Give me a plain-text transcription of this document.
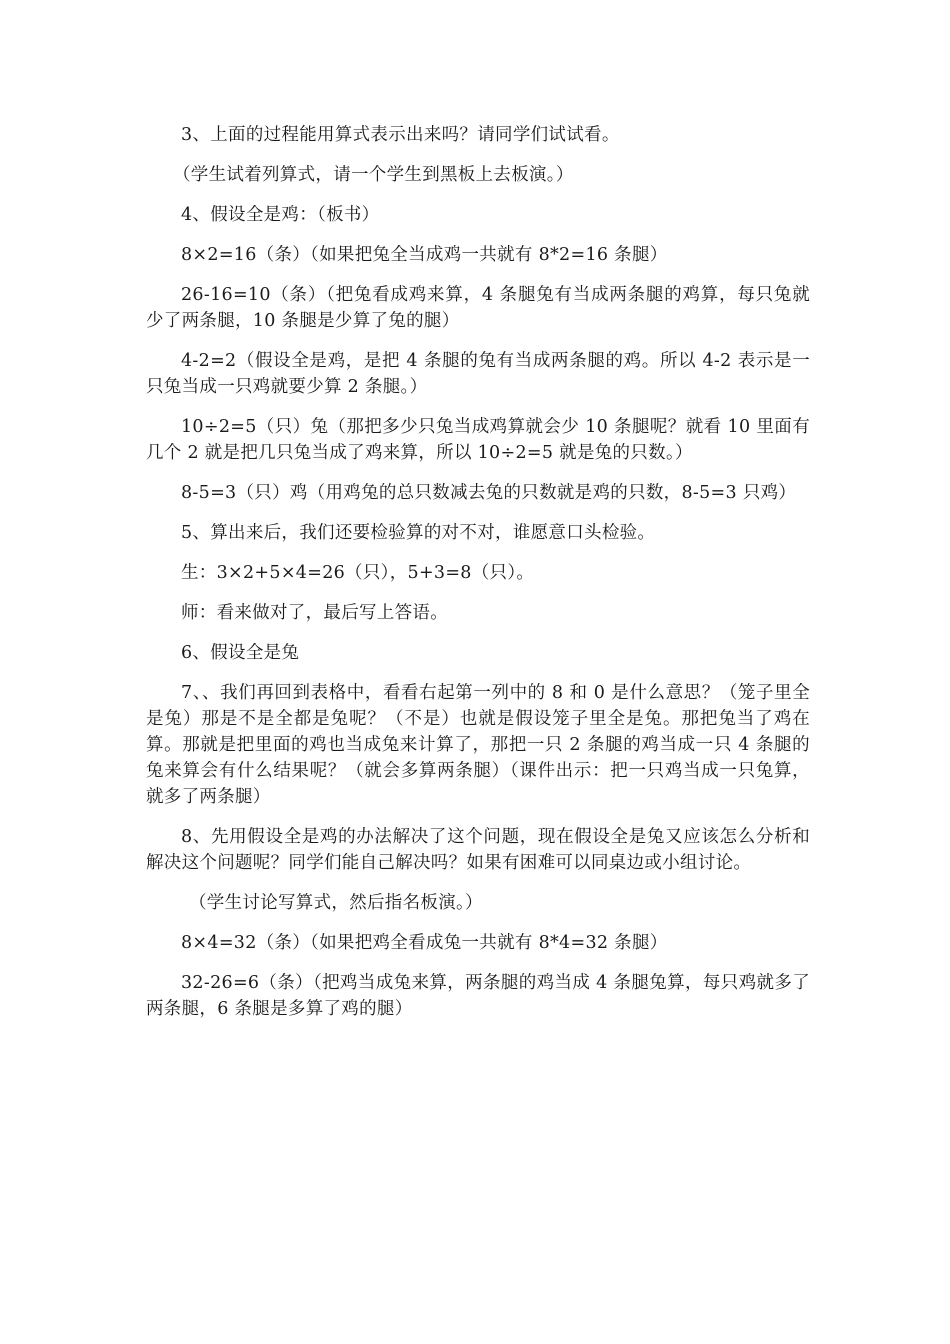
3、上面的过程能用算式表示出来吗？请同学们试试看。

（学生试着列算式，请一个学生到黑板上去板演。）

4、假设全是鸡：（板书）

8×2=16（条）（如果把兔全当成鸡一共就有 8*2=16 条腿）

26-16=10（条）（把兔看成鸡来算，4 条腿兔有当成两条腿的鸡算，每只兔就少了两条腿，10 条腿是少算了兔的腿）

4-2=2（假设全是鸡，是把 4 条腿的兔有当成两条腿的鸡。所以 4-2 表示是一只兔当成一只鸡就要少算 2 条腿。）

10÷2=5（只）兔（那把多少只兔当成鸡算就会少 10 条腿呢？就看 10 里面有几个 2 就是把几只兔当成了鸡来算，所以 10÷2=5 就是兔的只数。）

8-5=3（只）鸡（用鸡兔的总只数减去兔的只数就是鸡的只数，8-5=3 只鸡）

5、算出来后，我们还要检验算的对不对，谁愿意口头检验。

生：3×2+5×4=26（只），5+3=8（只）。

师：看来做对了，最后写上答语。

6、假设全是兔

7、、我们再回到表格中，看看右起第一列中的 8 和 0 是什么意思？（笼子里全是兔）那是不是全都是兔呢？（不是）也就是假设笼子里全是兔。那把兔当了鸡在算。那就是把里面的鸡也当成兔来计算了，那把一只 2 条腿的鸡当成一只 4 条腿的兔来算会有什么结果呢？（就会多算两条腿）（课件出示：把一只鸡当成一只兔算，就多了两条腿）

8、先用假设全是鸡的办法解决了这个问题，现在假设全是兔又应该怎么分析和解决这个问题呢？同学们能自己解决吗？如果有困难可以同桌边或小组讨论。

（学生讨论写算式，然后指名板演。）

8×4=32（条）（如果把鸡全看成兔一共就有 8*4=32 条腿）

32-26=6（条）（把鸡当成兔来算，两条腿的鸡当成 4 条腿兔算，每只鸡就多了两条腿，6 条腿是多算了鸡的腿）
